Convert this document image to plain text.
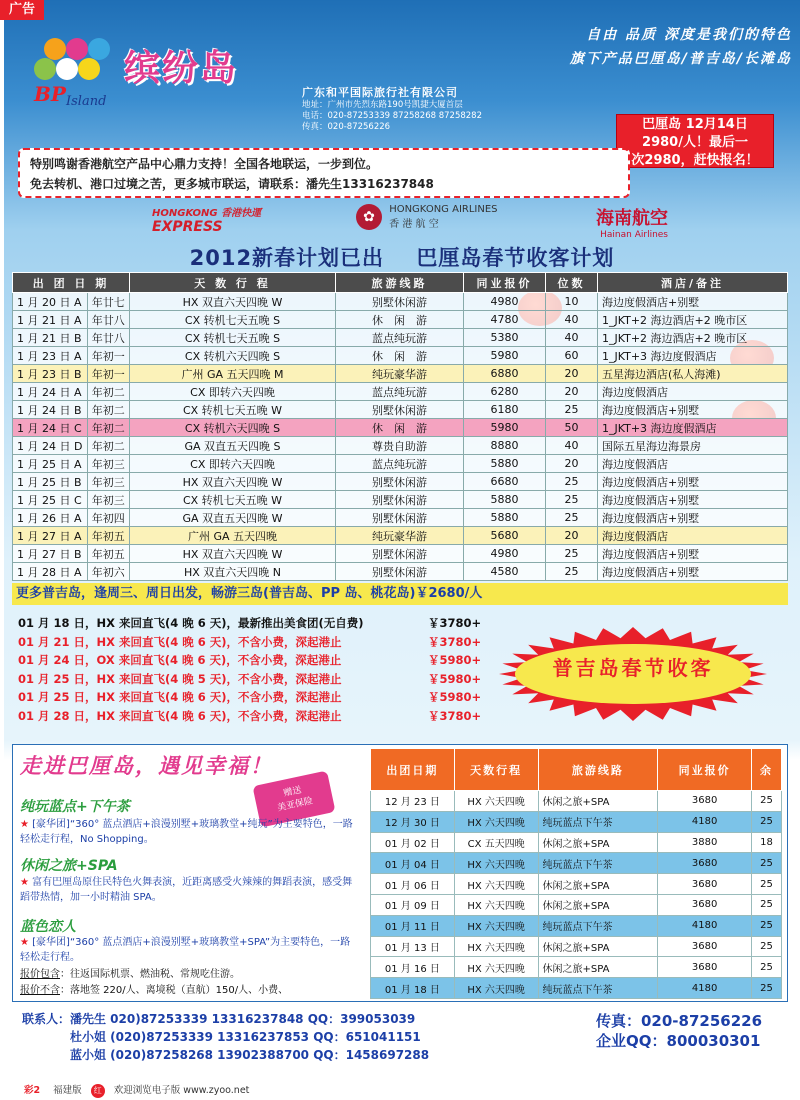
广告
BP Island
缤纷岛
广东和平国际旅行社有限公司
地址：广州市先烈东路190号凯捷大厦首层
电话：020-87253339 87258268 87258282
传真：020-87256226
自由 品质 深度是我们的特色
旗下产品巴厘岛/普吉岛/长滩岛
巴厘岛 12月14日
2980/人！最后一
次2980，赶快报名！
特别鸣谢香港航空产品中心鼎力支持！全国各地联运，一步到位。
免去转机、港口过境之苦，更多城市联运，请联系：潘先生13316237848
HONGKONG 香港快運
EXPRESS
✿ HONGKONG AIRLINES
香 港 航 空	海南航空
Hainan Airlines
2012新春计划已出 巴厘岛春节收客计划
出 团 日 期		天 数 行 程	旅游线路	同业报价	位数	酒店/备注
1 月 20 日 A	年廿七	HX 双直六天四晚 W	别墅休闲游	4980	10	海边度假酒店+别墅
1 月 21 日 A	年廿八	CX 转机七天五晚 S	休　闲　游	4780	40	1_JKT+2 海边酒店+2 晚市区
1 月 21 日 B	年廿八	CX 转机七天五晚 S	蓝点纯玩游	5380	40	1_JKT+2 海边酒店+2 晚市区
1 月 23 日 A	年初一	CX 转机六天四晚 S	休　闲　游	5980	60	1_JKT+3 海边度假酒店
1 月 23 日 B	年初一	广州 GA 五天四晚 M	纯玩豪华游	6880	20	五星海边酒店(私人海滩)
1 月 24 日 A	年初二	CX 即转六天四晚	蓝点纯玩游	6280	20	海边度假酒店
1 月 24 日 B	年初二	CX 转机七天五晚 W	别墅休闲游	6180	25	海边度假酒店+别墅
1 月 24 日 C	年初二	CX 转机六天四晚 S	休　闲　游	5980	50	1_JKT+3 海边度假酒店
1 月 24 日 D	年初二	GA 双直五天四晚 S	尊贵自助游	8880	40	国际五星海边海景房
1 月 25 日 A	年初三	CX 即转六天四晚	蓝点纯玩游	5880	20	海边度假酒店
1 月 25 日 B	年初三	HX 双直六天四晚 W	别墅休闲游	6680	25	海边度假酒店+别墅
1 月 25 日 C	年初三	CX 转机七天五晚 W	别墅休闲游	5880	25	海边度假酒店+别墅
1 月 26 日 A	年初四	GA 双直五天四晚 W	别墅休闲游	5880	25	海边度假酒店+别墅
1 月 27 日 A	年初五	广州 GA 五天四晚	纯玩豪华游	5680	20	海边度假酒店
1 月 27 日 B	年初五	HX 双直六天四晚 W	别墅休闲游	4980	25	海边度假酒店+别墅
1 月 28 日 A	年初六	HX 双直六天四晚 N	别墅休闲游	4580	25	海边度假酒店+别墅
更多普吉岛，逢周三、周日出发，畅游三岛(普吉岛、PP 岛、桃花岛)￥2680/人
01 月 18 日，HX 来回直飞(4 晚 6 天)，最新推出美食团(无自费)	￥3780+
01 月 21 日，HX 来回直飞(4 晚 6 天)，不含小费，深起港止	￥3780+
01 月 24 日，OX 来回直飞(4 晚 6 天)，不含小费，深起港止	￥5980+
01 月 25 日，HX 来回直飞(4 晚 5 天)，不含小费，深起港止	￥5980+
01 月 25 日，HX 来回直飞(4 晚 6 天)，不含小费，深起港止	￥5980+
01 月 28 日，HX 来回直飞(4 晚 6 天)，不含小费，深起港止	￥3780+
普吉岛春节收客
走进巴厘岛，遇见幸福！
赠送
美亚保险
纯玩蓝点+下午茶
★ [豪华团]“360° 蓝点酒店+浪漫别墅+玻璃教堂+纯玩”为主要特色，一路轻松走行程，No Shopping。
休闲之旅+SPA
★ 富有巴厘岛原住民特色火舞表演，近距离感受火辣辣的舞蹈表演，感受舞蹈带热情，加一小时精油 SPA。
蓝色恋人
★ [豪华团]“360° 蓝点酒店+浪漫别墅+玻璃教堂+SPA”为主要特色，一路轻松走行程。
报价包含：往返国际机票、燃油税、常规吃住游。
报价不含：落地签 220/人、离境税（直航）150/人、小费、
出团日期	天数行程	旅游线路	同业报价	余
12 月 23 日	HX 六天四晚	休闲之旅+SPA	3680	25
12 月 30 日	HX 六天四晚	纯玩蓝点下午茶	4180	25
01 月 02 日	CX 五天四晚	休闲之旅+SPA	3880	18
01 月 04 日	HX 六天四晚	纯玩蓝点下午茶	3680	25
01 月 06 日	HX 六天四晚	休闲之旅+SPA	3680	25
01 月 09 日	HX 六天四晚	休闲之旅+SPA	3680	25
01 月 11 日	HX 六天四晚	纯玩蓝点下午茶	4180	25
01 月 13 日	HX 六天四晚	休闲之旅+SPA	3680	25
01 月 16 日	HX 六天四晚	休闲之旅+SPA	3680	25
01 月 18 日	HX 六天四晚	纯玩蓝点下午茶	4180	25
联系人：潘先生 020)87253339 13316237848 QQ：399053039
　　　　杜小姐 (020)87253339 13316237853 QQ：651041151
　　　　蓝小姐 (020)87258268 13902388700 QQ：1458697288
传真：020-87256226
企业QQ：800030301
彩2 福建版 红 欢迎浏览电子版 www.zyoo.net
